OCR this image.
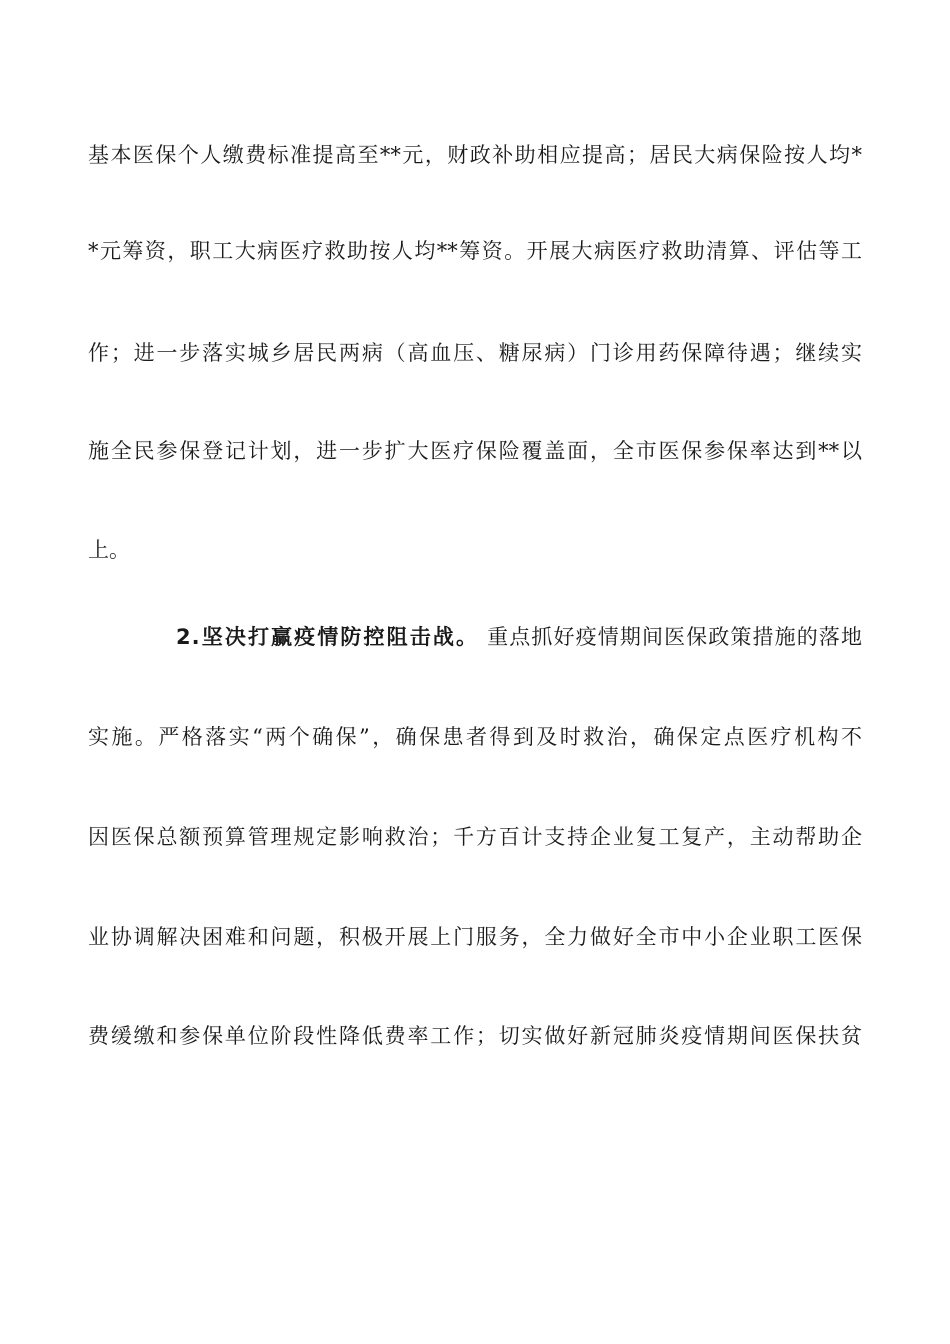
基本医保个人缴费标准提高至**元，财政补助相应提高；居民大病保险按人均*
*元筹资，职工大病医疗救助按人均**筹资。开展大病医疗救助清算、评估等工
作；进一步落实城乡居民两病（高血压、糖尿病）门诊用药保障待遇；继续实
施全民参保登记计划，进一步扩大医疗保险覆盖面，全市医保参保率达到**以
上。
2.坚决打赢疫情防控阻击战。 重点抓好疫情期间医保政策措施的落地
实施。严格落实“两个确保”，确保患者得到及时救治，确保定点医疗机构不
因医保总额预算管理规定影响救治；千方百计支持企业复工复产，主动帮助企
业协调解决困难和问题，积极开展上门服务，全力做好全市中小企业职工医保
费缓缴和参保单位阶段性降低费率工作；切实做好新冠肺炎疫情期间医保扶贫
